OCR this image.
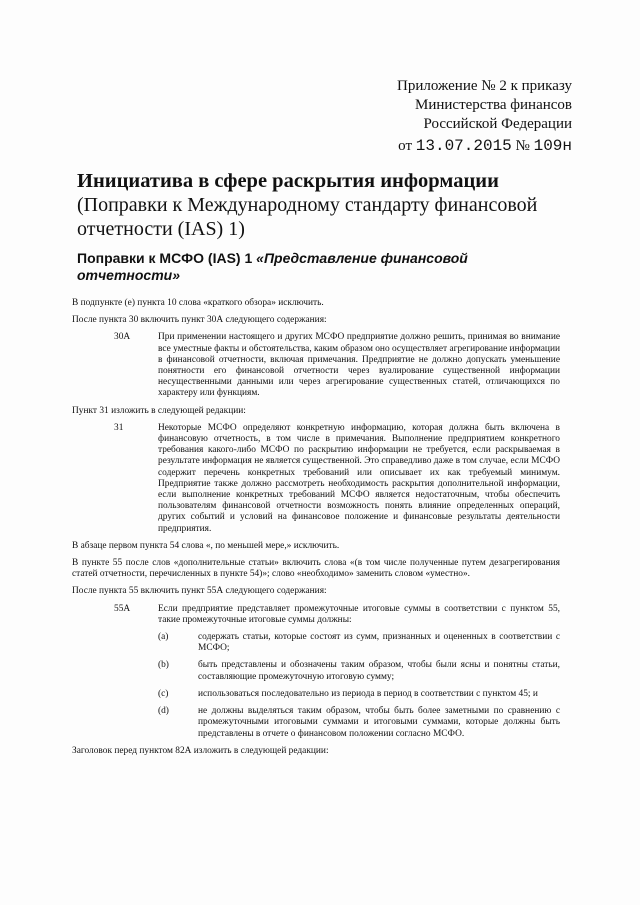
Приложение № 2 к приказу
Министерства финансов
Российской Федерации
от 13.07.2015 № 109н
Инициатива в сфере раскрытия информации
(Поправки к Международному стандарту финансовой отчетности (IAS) 1)
Поправки к МСФО (IAS) 1 «Представление финансовой отчетности»

В подпункте (е) пункта 10 слова «краткого обзора» исключить.

После пункта 30 включить пункт 30А следующего содержания:

30A	При применении настоящего и других МСФО предприятие должно решить, принимая во внимание все уместные факты и обстоятельства, каким образом оно осуществляет агрегирование информации в финансовой отчетности, включая примечания. Предприятие не должно допускать уменьшение понятности его финансовой отчетности через вуалирование существенной информации несущественными данными или через агрегирование существенных статей, отличающихся по характеру или функциям.

Пункт 31 изложить в следующей редакции:

31	Некоторые МСФО определяют конкретную информацию, которая должна быть включена в финансовую отчетность, в том числе в примечания. Выполнение предприятием конкретного требования какого-либо МСФО по раскрытию информации не требуется, если раскрываемая в результате информация не является существенной. Это справедливо даже в том случае, если МСФО содержит перечень конкретных требований или описывает их как требуемый минимум. Предприятие также должно рассмотреть необходимость раскрытия дополнительной информации, если выполнение конкретных требований МСФО является недостаточным, чтобы обеспечить пользователям финансовой отчетности возможность понять влияние определенных операций, других событий и условий на финансовое положение и финансовые результаты деятельности предприятия.

В абзаце первом пункта 54 слова «, по меньшей мере,» исключить.

В пункте 55 после слов «дополнительные статьи» включить слова «(в том числе полученные путем дезагрегирования статей отчетности, перечисленных в пункте 54)»; слово «необходимо» заменить словом «уместно».

После пункта 55 включить пункт 55А следующего содержания:

55A	Если предприятие представляет промежуточные итоговые суммы в соответствии с пунктом 55, такие промежуточные итоговые суммы должны:
(a)	содержать статьи, которые состоят из сумм, признанных и оцененных в соответствии с МСФО;
(b)	быть представлены и обозначены таким образом, чтобы были ясны и понятны статьи, составляющие промежуточную итоговую сумму;
(c)	использоваться последовательно из периода в период в соответствии с пунктом 45; и
(d)	не должны выделяться таким образом, чтобы быть более заметными по сравнению с промежуточными итоговыми суммами и итоговыми суммами, которые должны быть представлены в отчете о финансовом положении согласно МСФО.

Заголовок перед пунктом 82А изложить в следующей редакции:
